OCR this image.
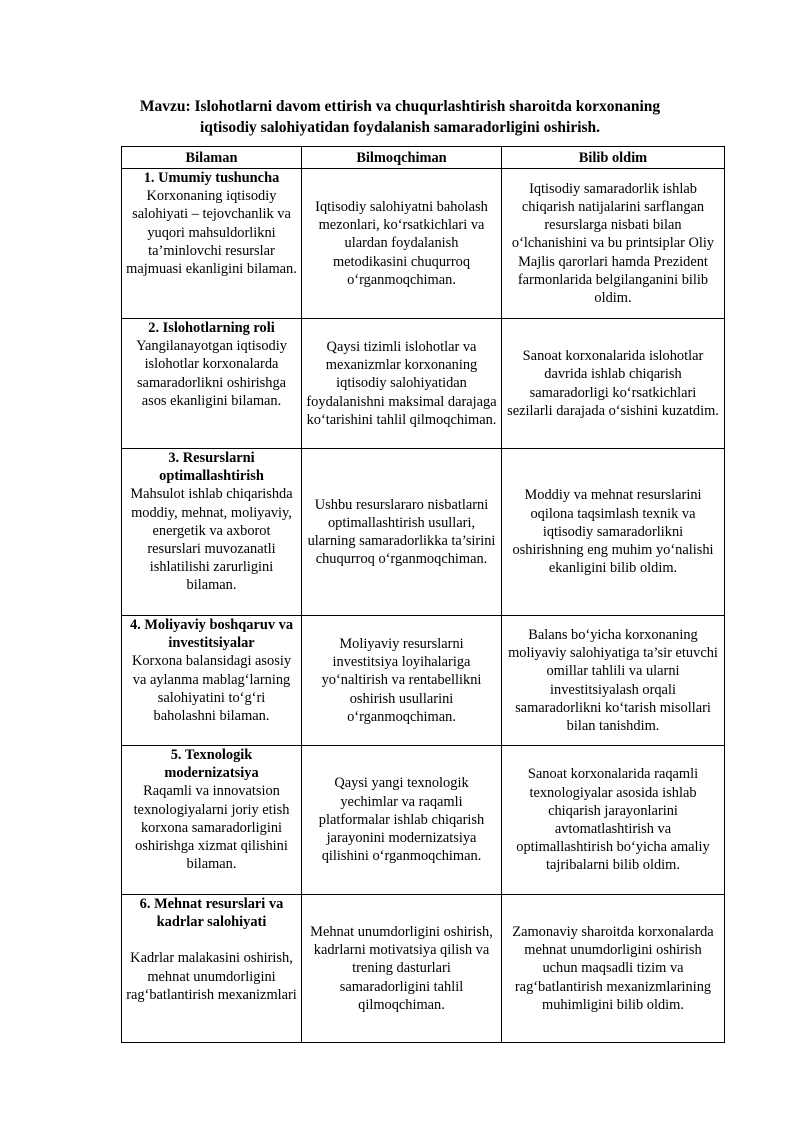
Mavzu: Islohotlarni davom ettirish va chuqurlashtirish sharoitda korxonaning
iqtisodiy salohiyatidan foydalanish samaradorligini oshirish.
Bilaman	Bilmoqchiman	Bilib oldim

1. Umumiy tushuncha
Korxonaning iqtisodiy salohiyati – tejovchanlik va yuqori mahsuldorlikni ta’minlovchi resurslar majmuasi ekanligini bilaman.	Iqtisodiy salohiyatni baholash mezonlari, ko‘rsatkichlari va ulardan foydalanish metodikasini chuqurroq o‘rganmoqchiman.	Iqtisodiy samaradorlik ishlab chiqarish natijalarini sarflangan resurslarga nisbati bilan o‘lchanishini va bu printsiplar Oliy Majlis qarorlari hamda Prezident farmonlarida belgilanganini bilib oldim.

2. Islohotlarning roli
Yangilanayotgan iqtisodiy islohotlar korxonalarda samaradorlikni oshirishga asos ekanligini bilaman.	Qaysi tizimli islohotlar va mexanizmlar korxonaning iqtisodiy salohiyatidan foydalanishni maksimal darajaga ko‘tarishini tahlil qilmoqchiman.	Sanoat korxonalarida islohotlar davrida ishlab chiqarish samaradorligi ko‘rsatkichlari sezilarli darajada o‘sishini kuzatdim.

3. Resurslarni optimallashtirish
Mahsulot ishlab chiqarishda moddiy, mehnat, moliyaviy, energetik va axborot resurslari muvozanatli ishlatilishi zarurligini bilaman.	Ushbu resurslararo nisbatlarni optimallashtirish usullari, ularning samaradorlikka ta’sirini chuqurroq o‘rganmoqchiman.	Moddiy va mehnat resurslarini oqilona taqsimlash texnik va iqtisodiy samaradorlikni oshirishning eng muhim yo‘nalishi ekanligini bilib oldim.

4. Moliyaviy boshqaruv va investitsiyalar
Korxona balansidagi asosiy va aylanma mablag‘larning salohiyatini to‘g‘ri baholashni bilaman.	Moliyaviy resurslarni investitsiya loyihalariga yo‘naltirish va rentabellikni oshirish usullarini o‘rganmoqchiman.	Balans bo‘yicha korxonaning moliyaviy salohiyatiga ta’sir etuvchi omillar tahlili va ularni investitsiyalash orqali samaradorlikni ko‘tarish misollari bilan tanishdim.

5. Texnologik modernizatsiya
Raqamli va innovatsion texnologiyalarni joriy etish korxona samaradorligini oshirishga xizmat qilishini bilaman.	Qaysi yangi texnologik yechimlar va raqamli platformalar ishlab chiqarish jarayonini modernizatsiya qilishini o‘rganmoqchiman.	Sanoat korxonalarida raqamli texnologiyalar asosida ishlab chiqarish jarayonlarini avtomatlashtirish va optimallashtirish bo‘yicha amaliy tajribalarni bilib oldim.

6. Mehnat resurslari va kadrlar salohiyati
Kadrlar malakasini oshirish, mehnat unumdorligini rag‘batlantirish mexanizmlari	Mehnat unumdorligini oshirish, kadrlarni motivatsiya qilish va trening dasturlari samaradorligini tahlil qilmoqchiman.	Zamonaviy sharoitda korxonalarda mehnat unumdorligini oshirish uchun maqsadli tizim va rag‘batlantirish mexanizmlarining muhimligini bilib oldim.
